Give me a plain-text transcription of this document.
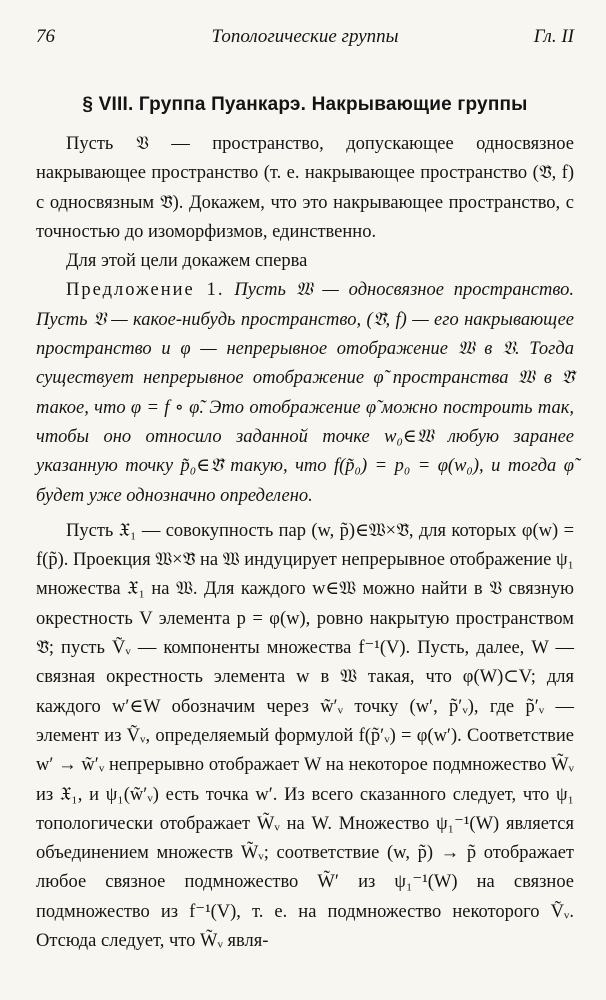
76	Топологические группы	Гл. II
§ VIII. Группа Пуанкарэ. Накрывающие группы

Пусть 𝔙 — пространство, допускающее односвязное накрывающее пространство (т. е. накрывающее пространство (𝔙̃, f) с односвязным 𝔙̃). Докажем, что это накрывающее пространство, с точностью до изоморфизмов, единственно.

Для этой цели докажем сперва

Предложение 1. Пусть 𝔚 — односвязное пространство. Пусть 𝔙 — какое-нибудь пространство, (𝔙̃, f) — его накрывающее пространство и φ — непрерывное отображение 𝔚 в 𝔙. Тогда существует непрерывное отображение φ̃ пространства 𝔚 в 𝔙̃ такое, что φ = f ∘ φ̃. Это отображение φ̃ можно построить так, чтобы оно относило заданной точке w₀∈𝔚 любую заранее указанную точку p̃₀∈𝔙̃ такую, что f(p̃₀) = p₀ = φ(w₀), и тогда φ̃ будет уже однозначно определено.

Пусть 𝔛₁ — совокупность пар (w, p̃)∈𝔚×𝔙̃, для которых φ(w) = f(p̃). Проекция 𝔚×𝔙̃ на 𝔚 индуцирует непрерывное отображение ψ₁ множества 𝔛₁ на 𝔚. Для каждого w∈𝔚 можно найти в 𝔙 связную окрестность V элемента p = φ(w), ровно накрытую пространством 𝔙̃; пусть Ṽᵥ — компоненты множества f⁻¹(V). Пусть, далее, W — связная окрестность элемента w в 𝔚 такая, что φ(W)⊂V; для каждого w′∈W обозначим через w̃′ᵥ точку (w′, p̃′ᵥ), где p̃′ᵥ — элемент из Ṽᵥ, определяемый формулой f(p̃′ᵥ) = φ(w′). Соответствие w′ → w̃′ᵥ непрерывно отображает W на некоторое подмножество W̃ᵥ из 𝔛₁, и ψ₁(w̃′ᵥ) есть точка w′. Из всего сказанного следует, что ψ₁ топологически отображает W̃ᵥ на W. Множество ψ₁⁻¹(W) является объединением множеств W̃ᵥ; соответствие (w, p̃) → p̃ отображает любое связное подмножество W̃′ из ψ₁⁻¹(W) на связное подмножество из f⁻¹(V), т. е. на подмножество некоторого Ṽᵥ. Отсюда следует, что W̃ᵥ явля-
